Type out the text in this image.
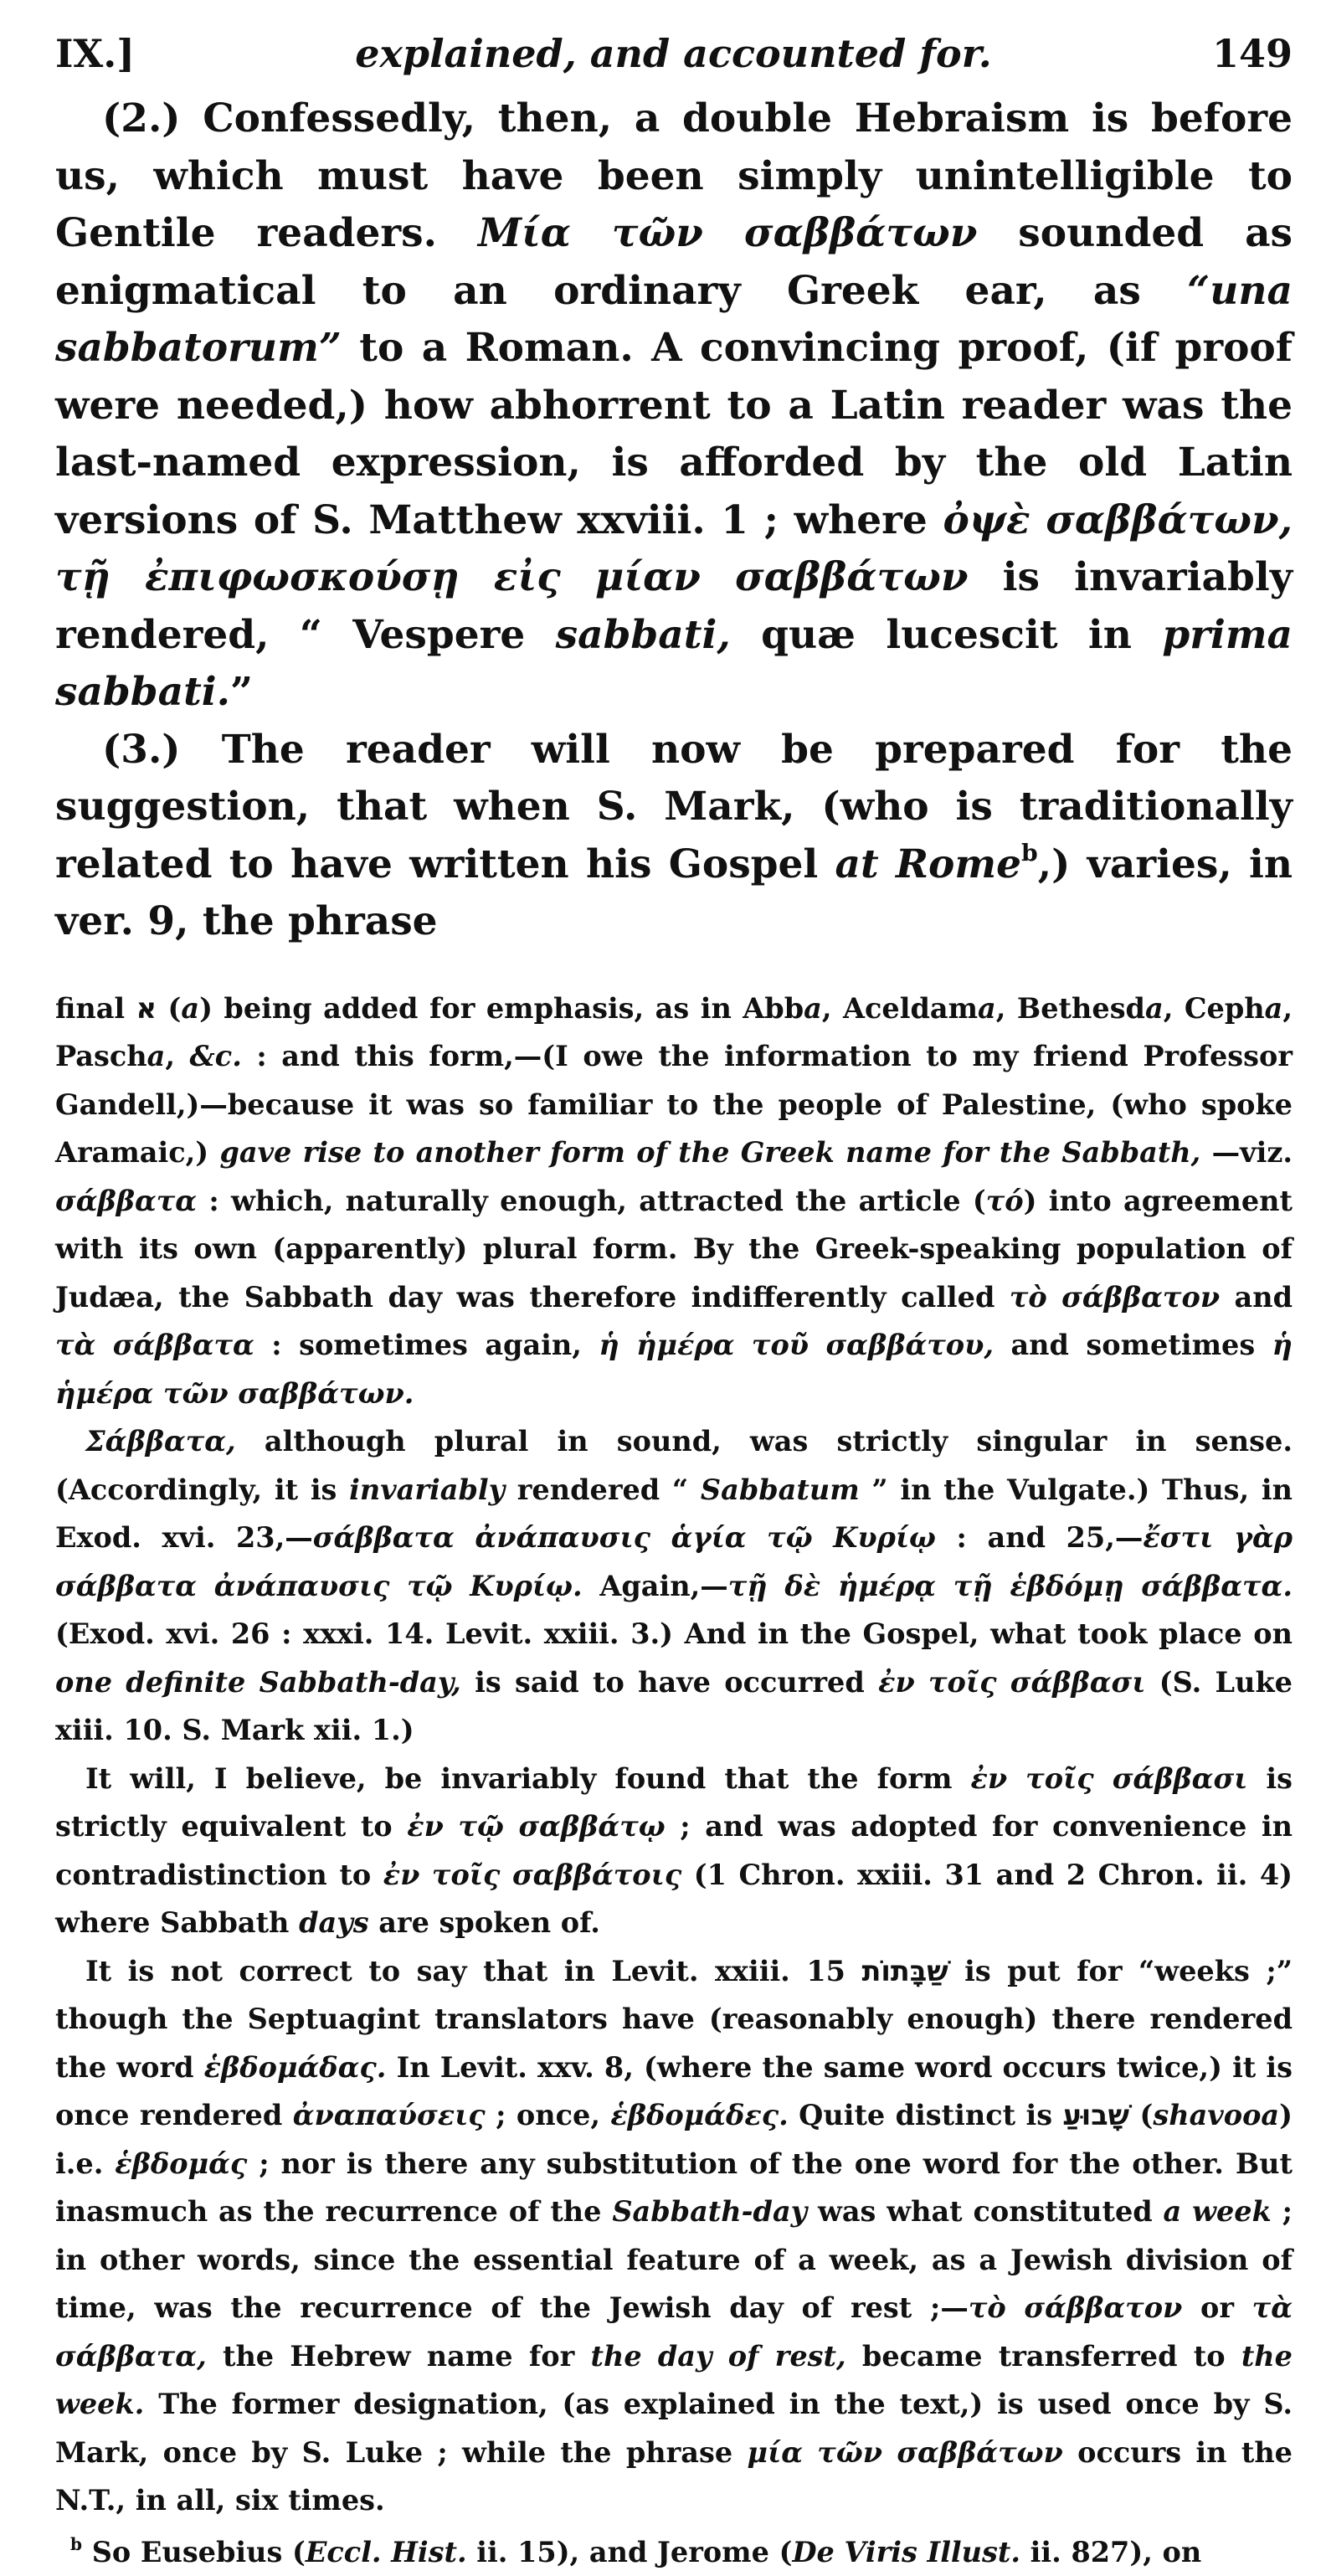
IX.]	explained, and accounted for.	149

(2.) Confessedly, then, a double Hebraism is before us, which must have been simply unintelligible to Gentile readers. Μία τῶν σαββάτων sounded as enigmatical to an ordinary Greek ear, as “una sabbatorum” to a Roman. A convincing proof, (if proof were needed,) how abhorrent to a Latin reader was the last-named expression, is afforded by the old Latin versions of S. Matthew xxviii. 1 ; where ὀψὲ σαββάτων, τῇ ἐπιφωσκούσῃ εἰς μίαν σαββάτων is invariably rendered, “ Vespere sabbati, quæ lucescit in prima sabbati.”

(3.) The reader will now be prepared for the suggestion, that when S. Mark, (who is traditionally related to have written his Gospel at Rome$^b$,) varies, in ver. 9, the phrase

final א (a) being added for emphasis, as in Abba, Aceldama, Bethesda, Cepha, Pascha, &c. : and this form,—(I owe the information to my friend Professor Gandell,)—because it was so familiar to the people of Palestine, (who spoke Aramaic,) gave rise to another form of the Greek name for the Sabbath, —viz. σάββατα : which, naturally enough, attracted the article (τό) into agreement with its own (apparently) plural form. By the Greek-speaking population of Judæa, the Sabbath day was therefore indifferently called τὸ σάββατον and τὰ σάββατα : sometimes again, ἡ ἡμέρα τοῦ σαββάτου, and sometimes ἡ ἡμέρα τῶν σαββάτων.

Σάββατα, although plural in sound, was strictly singular in sense. (Accordingly, it is invariably rendered “ Sabbatum ” in the Vulgate.) Thus, in Exod. xvi. 23,—σάββατα ἀνάπαυσις ἁγία τῷ Κυρίῳ : and 25,—ἔστι γὰρ σάββατα ἀνάπαυσις τῷ Κυρίῳ. Again,—τῇ δὲ ἡμέρᾳ τῇ ἑβδόμῃ σάββατα. (Exod. xvi. 26 : xxxi. 14. Levit. xxiii. 3.) And in the Gospel, what took place on one definite Sabbath-day, is said to have occurred ἐν τοῖς σάββασι (S. Luke xiii. 10. S. Mark xii. 1.)

It will, I believe, be invariably found that the form ἐν τοῖς σάββασι is strictly equivalent to ἐν τῷ σαββάτῳ ; and was adopted for convenience in contradistinction to ἐν τοῖς σαββάτοις (1 Chron. xxiii. 31 and 2 Chron. ii. 4) where Sabbath days are spoken of.

It is not correct to say that in Levit. xxiii. 15 שַׁבָּתוֹת is put for “weeks ;” though the Septuagint translators have (reasonably enough) there rendered the word ἑβδομάδας. In Levit. xxv. 8, (where the same word occurs twice,) it is once rendered ἀναπαύσεις ; once, ἑβδομάδες. Quite distinct is שָׁבוּעַ (shavooa) i.e. ἑβδομάς ; nor is there any substitution of the one word for the other. But inasmuch as the recurrence of the Sabbath-day was what constituted a week ; in other words, since the essential feature of a week, as a Jewish division of time, was the recurrence of the Jewish day of rest ;—τὸ σάββατον or τὰ σάββατα, the Hebrew name for the day of rest, became transferred to the week. The former designation, (as explained in the text,) is used once by S. Mark, once by S. Luke ; while the phrase μία τῶν σαββάτων occurs in the N.T., in all, six times.

$^b$ So Eusebius (Eccl. Hist. ii. 15), and Jerome (De Viris Illust. ii. 827), on
